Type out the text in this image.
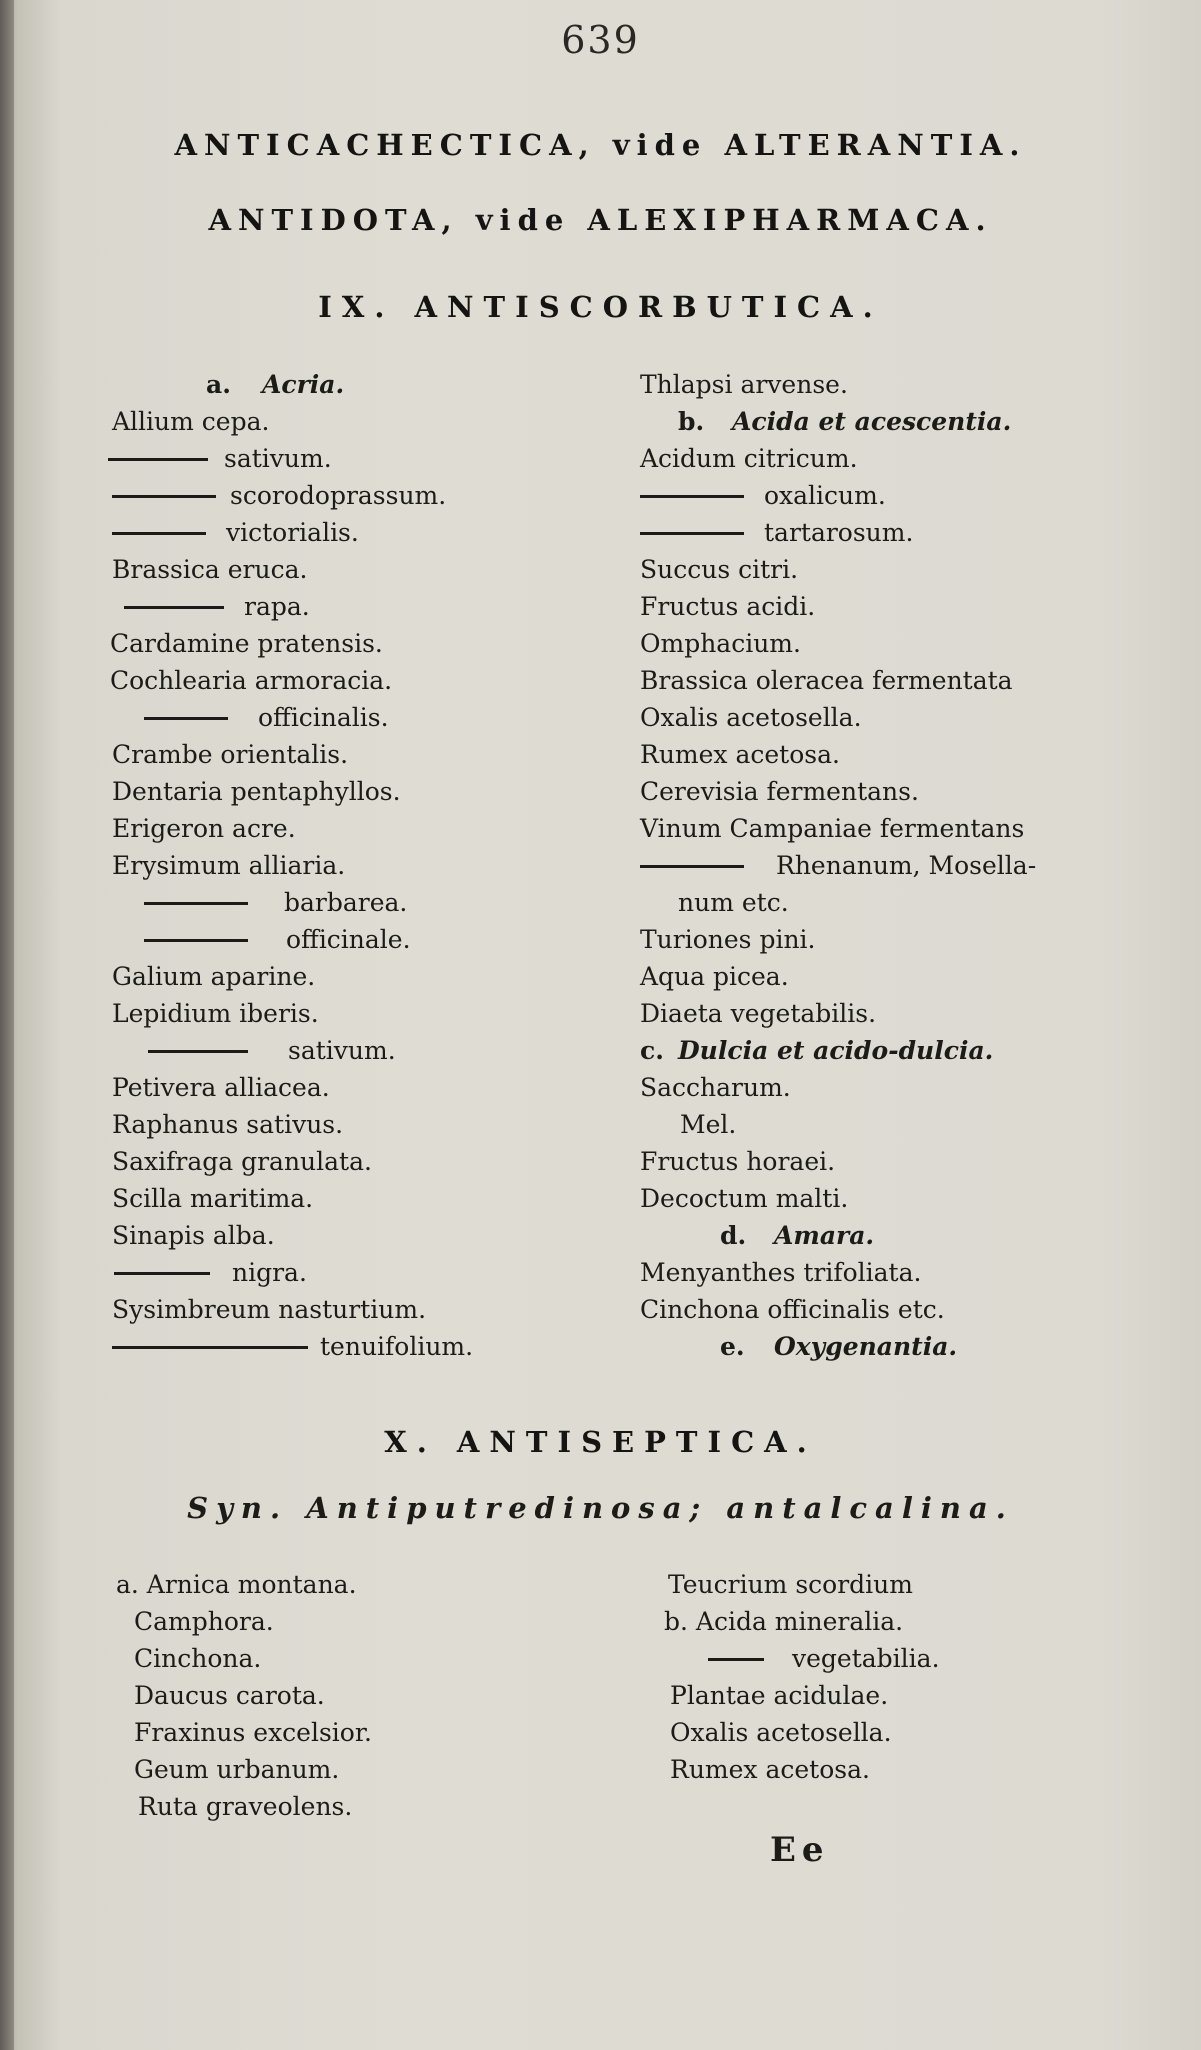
639
ANTICACHECTICA, vide ALTERANTIA.
ANTIDOTA, vide ALEXIPHARMACA.
IX. ANTISCORBUTICA.
a. Acria.
Allium cepa.
sativum.
scorodoprassum.
victorialis.
Brassica eruca.
rapa.
Cardamine pratensis.
Cochlearia armoracia.
officinalis.
Crambe orientalis.
Dentaria pentaphyllos.
Erigeron acre.
Erysimum alliaria.
barbarea.
officinale.
Galium aparine.
Lepidium iberis.
sativum.
Petivera alliacea.
Raphanus sativus.
Saxifraga granulata.
Scilla maritima.
Sinapis alba.
nigra.
Sysimbreum nasturtium.
tenuifolium.
Thlapsi arvense.
b. Acida et acescentia.
Acidum citricum.
oxalicum.
tartarosum.
Succus citri.
Fructus acidi.
Omphacium.
Brassica oleracea fermentata
Oxalis acetosella.
Rumex acetosa.
Cerevisia fermentans.
Vinum Campaniae fermentans
Rhenanum, Mosella-
num etc.
Turiones pini.
Aqua picea.
Diaeta vegetabilis.
c. Dulcia et acido-dulcia.
Saccharum.
Mel.
Fructus horaei.
Decoctum malti.
d. Amara.
Menyanthes trifoliata.
Cinchona officinalis etc.
e. Oxygenantia.
X. ANTISEPTICA.
Syn. Antiputredinosa; antalcalina.
a. Arnica montana.
Camphora.
Cinchona.
Daucus carota.
Fraxinus excelsior.
Geum urbanum.
Ruta graveolens.
Teucrium scordium
b. Acida mineralia.
vegetabilia.
Plantae acidulae.
Oxalis acetosella.
Rumex acetosa.
Ee
